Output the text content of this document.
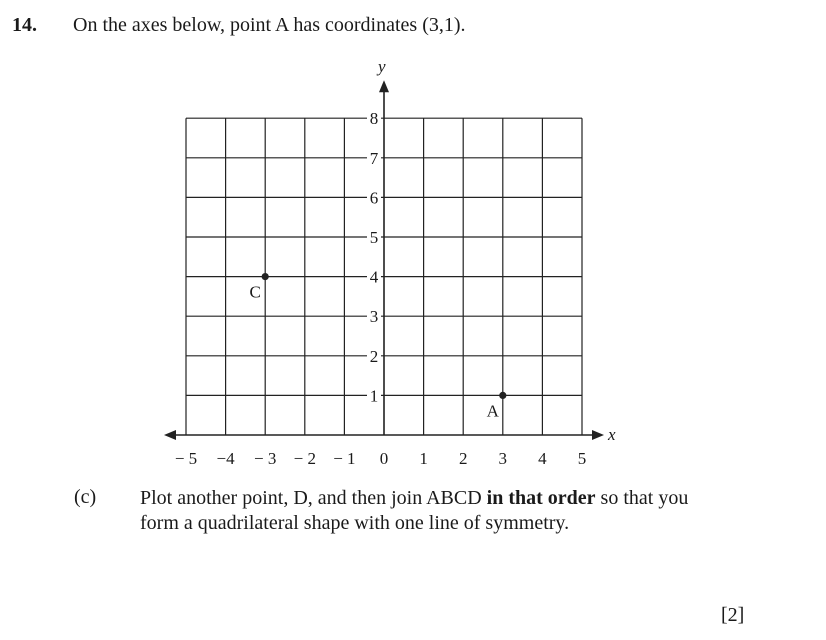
14. On the axes below, point A has coordinates (3,1).
x
y
− 5 −4 − 3 − 2 − 1 0 1 2 3 4 5
1
2
3
4
5
6
7
8
A
C
(c) Plot another point, D, and then join ABCD in that order so that you
form a quadrilateral shape with one line of symmetry.
[2]
